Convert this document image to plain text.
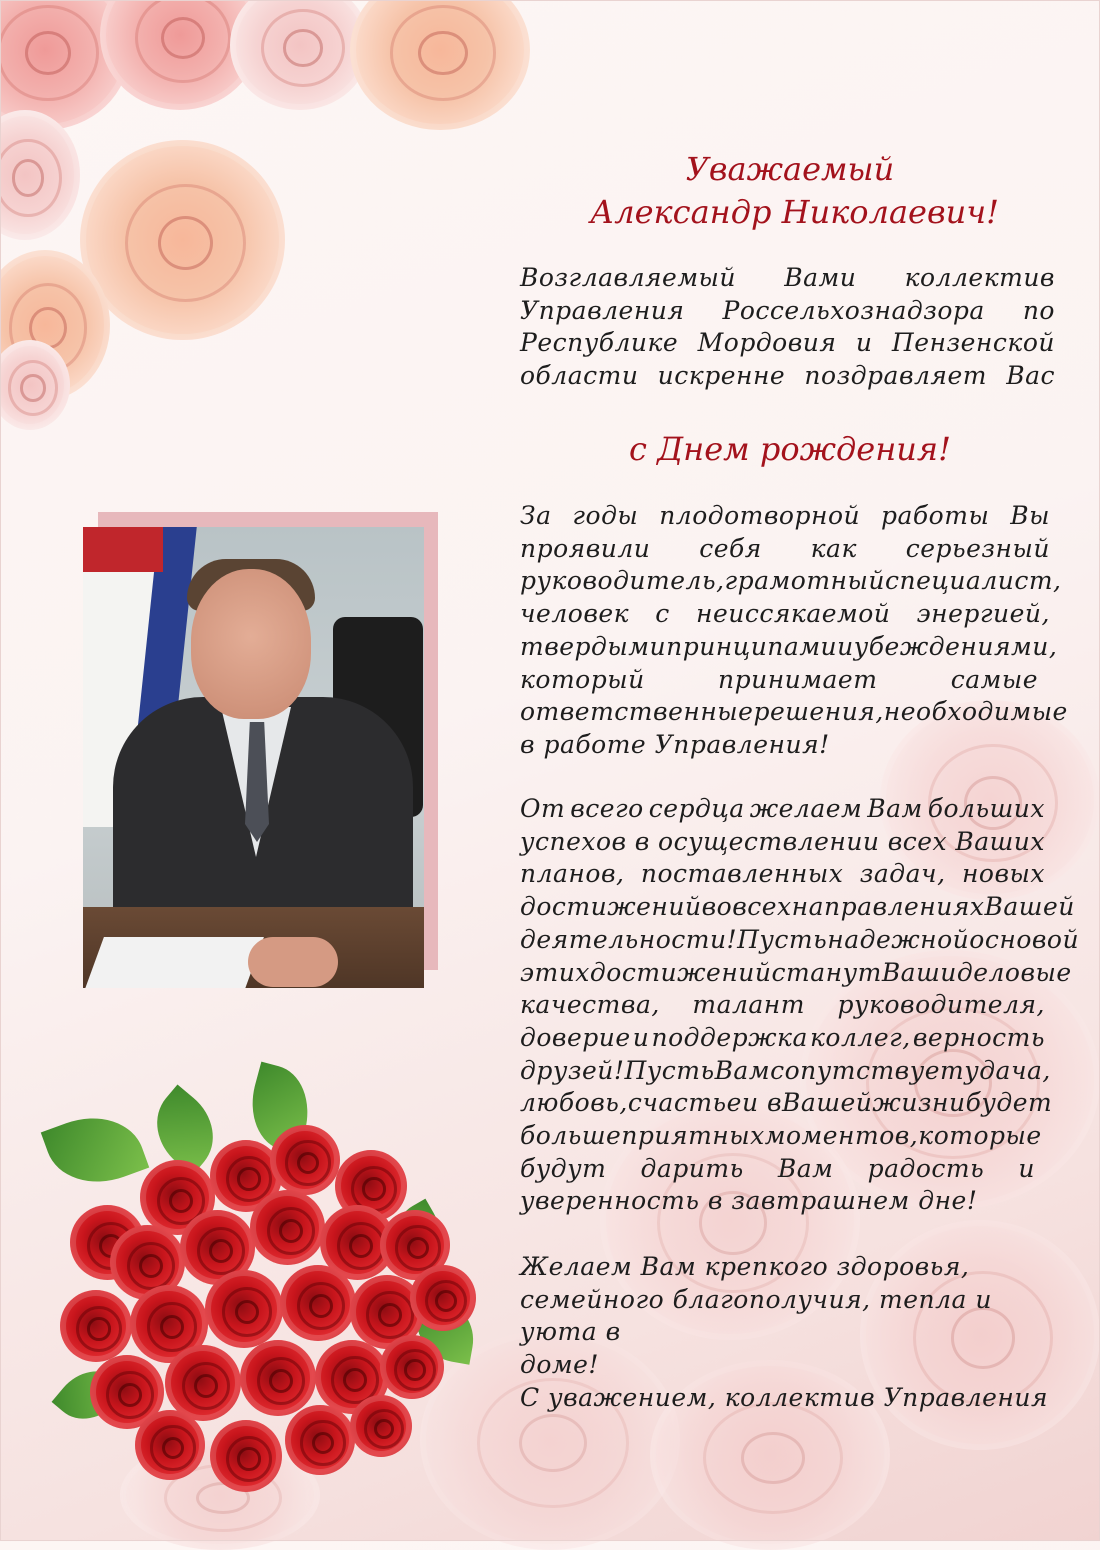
Уважаемый

Александр Николаевич!

Возглавляемый Вами коллектив
Управления Россельхознадзора по
Республике Мордовия и Пензенской
области искренне поздравляет Вас

с Днем рождения!

За годы плодотворной работы Вы
проявили себя как серьезный
руководитель, грамотный специалист,
человек с неиссякаемой энергией,
твердыми принципами и убеждениями,
который	принимает	самые
ответственные решения, необходимые
в работе Управления!
От всего сердца желаем Вам больших
успехов в осуществлении всех Ваших
планов, поставленных задач, новых
достижений во всех направлениях Вашей
деятельности! Пусть надежной основой
этих достижений станут Ваши деловые
качества, талант руководителя,
доверие и поддержка коллег, верность
друзей! Пусть Вам сопутствует удача,
любовь, счастье и в Вашей жизни будет
больше приятных моментов, которые
будут дарить Вам радость и
уверенность в завтрашнем дне!
Желаем Вам крепкого здоровья,
семейного благополучия, тепла и уюта в
доме!

С уважением, коллектив Управления
